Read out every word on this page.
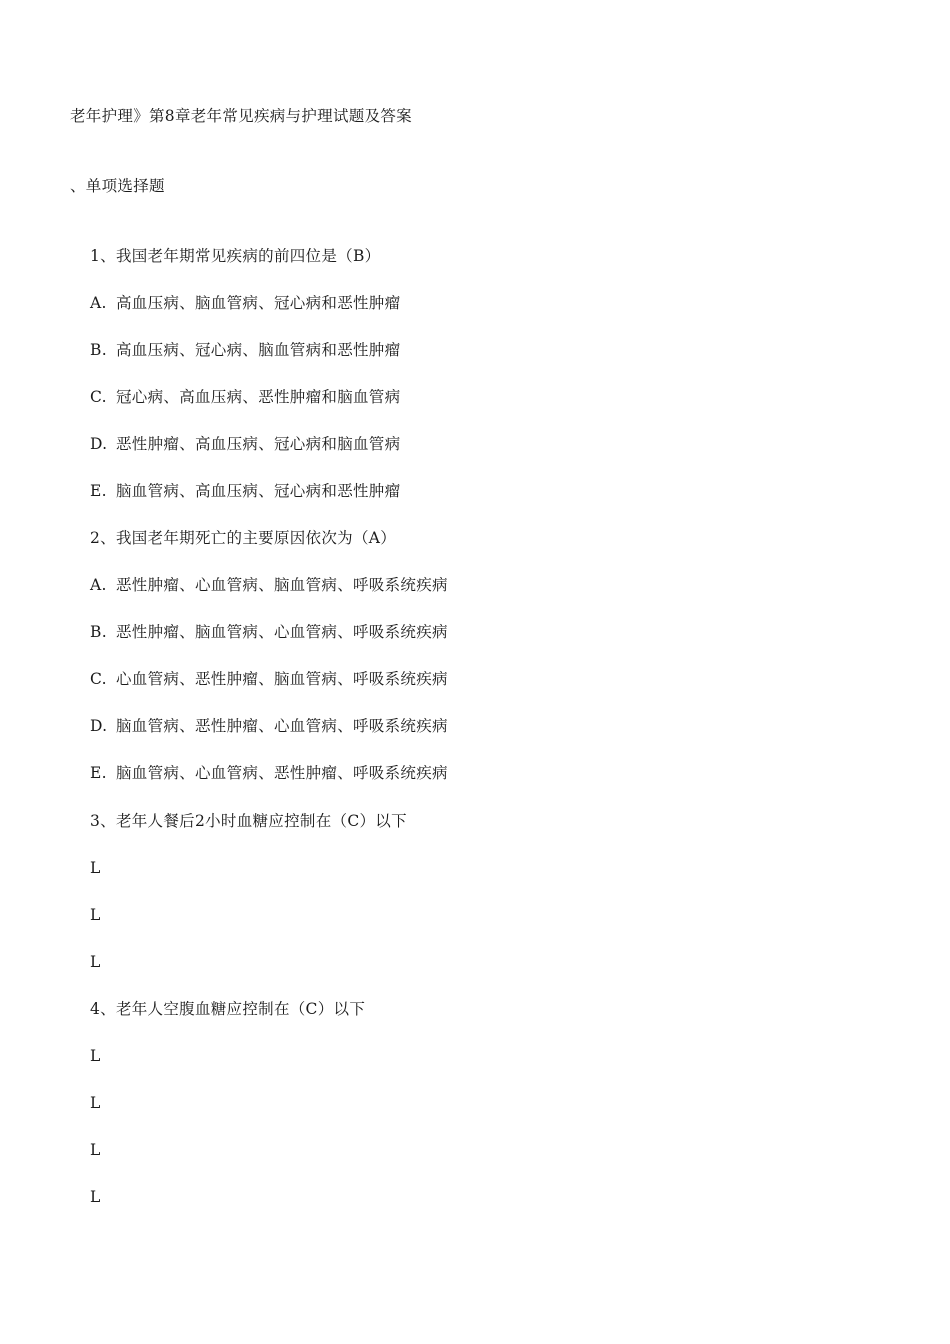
老年护理》第8章老年常见疾病与护理试题及答案
、单项选择题
1、我国老年期常见疾病的前四位是（B）
A. 高血压病、脑血管病、冠心病和恶性肿瘤
B. 高血压病、冠心病、脑血管病和恶性肿瘤
C. 冠心病、高血压病、恶性肿瘤和脑血管病
D. 恶性肿瘤、高血压病、冠心病和脑血管病
E. 脑血管病、高血压病、冠心病和恶性肿瘤
2、我国老年期死亡的主要原因依次为（A）
A. 恶性肿瘤、心血管病、脑血管病、呼吸系统疾病
B. 恶性肿瘤、脑血管病、心血管病、呼吸系统疾病
C. 心血管病、恶性肿瘤、脑血管病、呼吸系统疾病
D. 脑血管病、恶性肿瘤、心血管病、呼吸系统疾病
E. 脑血管病、心血管病、恶性肿瘤、呼吸系统疾病
3、老年人餐后2小时血糖应控制在（C）以下
L
L
L
4、老年人空腹血糖应控制在（C）以下
L
L
L
L
